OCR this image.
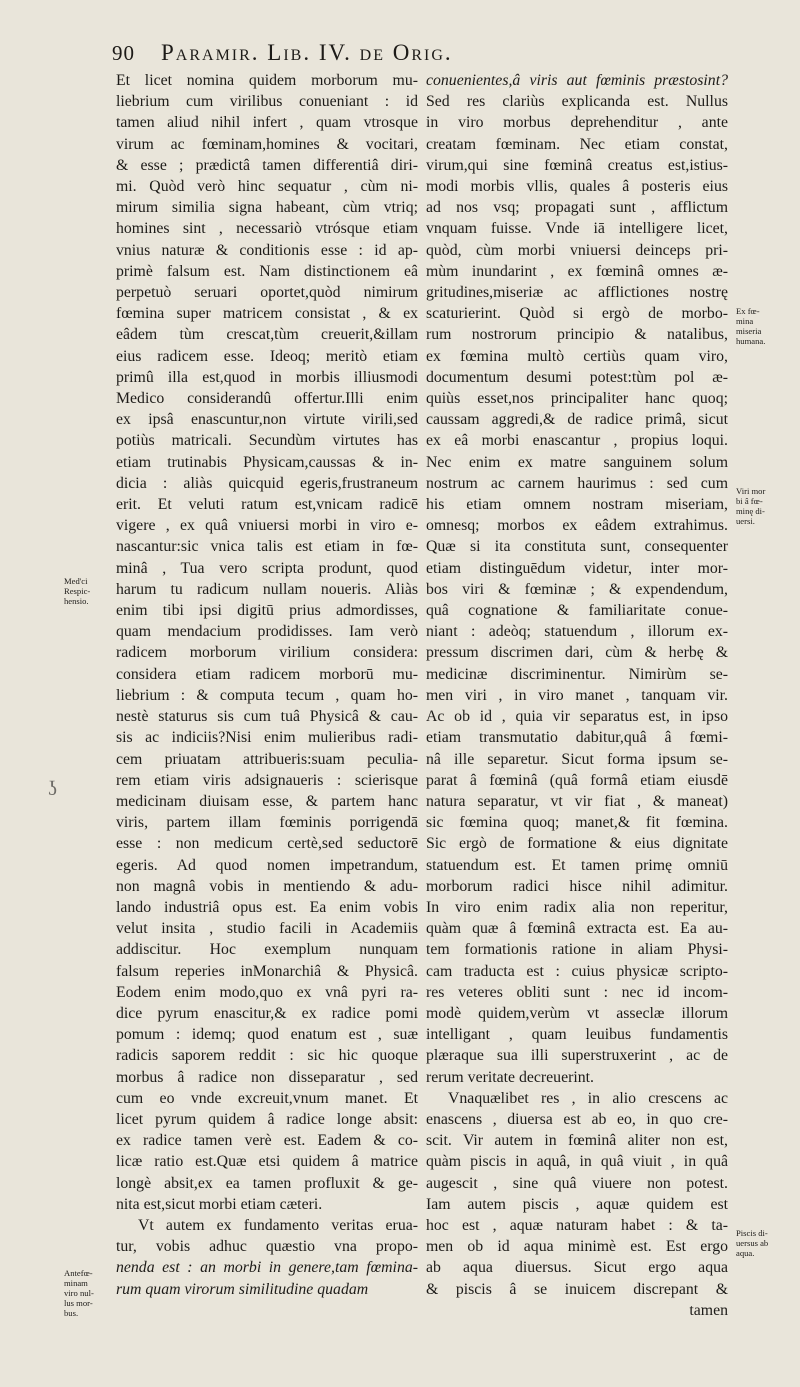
90 Paramir. Lib. IV. de Orig.
Et licet nomina quidem morborum mu-
liebrium cum virilibus conueniant : id
tamen aliud nihil infert , quam vtrosque
virum ac fœminam,homines & vocitari,
& esse ; prædictâ tamen differentiâ diri-
mi. Quòd verò hinc sequatur , cùm ni-
mirum similia signa habeant, cùm vtriq;
homines sint , necessariò vtrósque etiam
vnius naturæ & conditionis esse : id ap-
primè falsum est. Nam distinctionem eâ
perpetuò seruari oportet,quòd nimirum
fœmina super matricem consistat , & ex
eâdem tùm crescat,tùm creuerit,&illam
eius radicem esse. Ideoq; meritò etiam
primû illa est,quod in morbis illiusmodi
Medico considerandû offertur.Illi enim
ex ipsâ enascuntur,non virtute virili,sed
potiùs matricali. Secundùm virtutes has
etiam trutinabis Physicam,caussas & in-
dicia : aliàs quicquid egeris,frustraneum
erit. Et veluti ratum est,vnicam radicē
vigere , ex quâ vniuersi morbi in viro e-
nascantur:sic vnica talis est etiam in fœ-
minâ , Tua vero scripta produnt, quod
harum tu radicum nullam noueris. Aliàs
enim tibi ipsi digitū prius admordisses,
quam mendacium prodidisses. Iam verò
radicem morborum virilium considera:
considera etiam radicem morborū mu-
liebrium : & computa tecum , quam ho-
nestè staturus sis cum tuâ Physicâ & cau-
sis ac indiciis?Nisi enim mulieribus radi-
cem priuatam attribueris:suam peculia-
rem etiam viris adsignaueris : scierisque
medicinam diuisam esse, & partem hanc
viris, partem illam fœminis porrigendā
esse : non medicum certè,sed seductorē
egeris. Ad quod nomen impetrandum,
non magnâ vobis in mentiendo & adu-
lando industriâ opus est. Ea enim vobis
velut insita , studio facili in Academiis
addiscitur. Hoc exemplum nunquam
falsum reperies inMonarchiâ & Physicâ.
Eodem enim modo,quo ex vnâ pyri ra-
dice pyrum enascitur,& ex radice pomi
pomum : idemq; quod enatum est , suæ
radicis saporem reddit : sic hic quoque
morbus â radice non disseparatur , sed
cum eo vnde excreuit,vnum manet. Et
licet pyrum quidem â radice longe absit:
ex radice tamen verè est. Eadem & co-
licæ ratio est.Quæ etsi quidem â matrice
longè absit,ex ea tamen profluxit & ge-
nita est,sicut morbi etiam cæteri.
Vt autem ex fundamento veritas erua-
tur, vobis adhuc quæstio vna propo-
nenda est : an morbi in genere,tam fœmina-
rum quam virorum similitudine quadam
conuenientes,â viris aut fœminis præstosint?
Sed res clariùs explicanda est. Nullus
in viro morbus deprehenditur , ante
creatam fœminam. Nec etiam constat,
virum,qui sine fœminâ creatus est,istius-
modi morbis vllis, quales â posteris eius
ad nos vsq; propagati sunt , afflictum
vnquam fuisse. Vnde iā intelligere licet,
quòd, cùm morbi vniuersi deinceps pri-
mùm inundarint , ex fœminâ omnes æ-
gritudines,miseriæ ac afflictiones nostrę
scaturierint. Quòd si ergò de morbo-
rum nostrorum principio & natalibus,
ex fœmina multò certiùs quam viro,
documentum desumi potest:tùm pol æ-
quiùs esset,nos principaliter hanc quoq;
caussam aggredi,& de radice primâ, sicut
ex eâ morbi enascantur , propius loqui.
Nec enim ex matre sanguinem solum
nostrum ac carnem haurimus : sed cum
his etiam omnem nostram miseriam,
omnesq; morbos ex eâdem extrahimus.
Quæ si ita constituta sunt, consequenter
etiam distinguēdum videtur, inter mor-
bos viri & fœminæ ; & expendendum,
quâ cognatione & familiaritate conue-
niant : adeòq; statuendum , illorum ex-
pressum discrimen dari, cùm & herbę &
medicinæ discriminentur. Nimirùm se-
men viri , in viro manet , tanquam vir.
Ac ob id , quia vir separatus est, in ipso
etiam transmutatio dabitur,quâ â fœmi-
nâ ille separetur. Sicut forma ipsum se-
parat â fœminâ (quâ formâ etiam eiusdē
natura separatur, vt vir fiat , & maneat)
sic fœmina quoq; manet,& fit fœmina.
Sic ergò de formatione & eius dignitate
statuendum est. Et tamen primę omniū
morborum radici hisce nihil adimitur.
In viro enim radix alia non reperitur,
quàm quæ â fœminâ extracta est. Ea au-
tem formationis ratione in aliam Physi-
cam traducta est : cuius physicæ scripto-
res veteres obliti sunt : nec id incom-
modè quidem,verùm vt asseclæ illorum
intelligant , quam leuibus fundamentis
plæraque sua illi superstruxerint , ac de
rerum veritate decreuerint.
Vnaquælibet res , in alio crescens ac
enascens , diuersa est ab eo, in quo cre-
scit. Vir autem in fœminâ aliter non est,
quàm piscis in aquâ, in quâ viuit , in quâ
augescit , sine quâ viuere non potest.
Iam autem piscis , aquæ quidem est
hoc est , aquæ naturam habet : & ta-
men ob id aqua minimè est. Est ergo
ab aqua diuersus. Sicut ergo aqua
& piscis â se inuicem discrepant &
tamen
Med'ci
Respic-
hensio.
Antefœ-
minam
viro nul-
lus mor-
bus.
Ex fœ-
mina
miseria
humana.
Viri mor
bi â fœ-
minę di-
uersi.
Piscis di-
uersus ab
aqua.
ʖ
